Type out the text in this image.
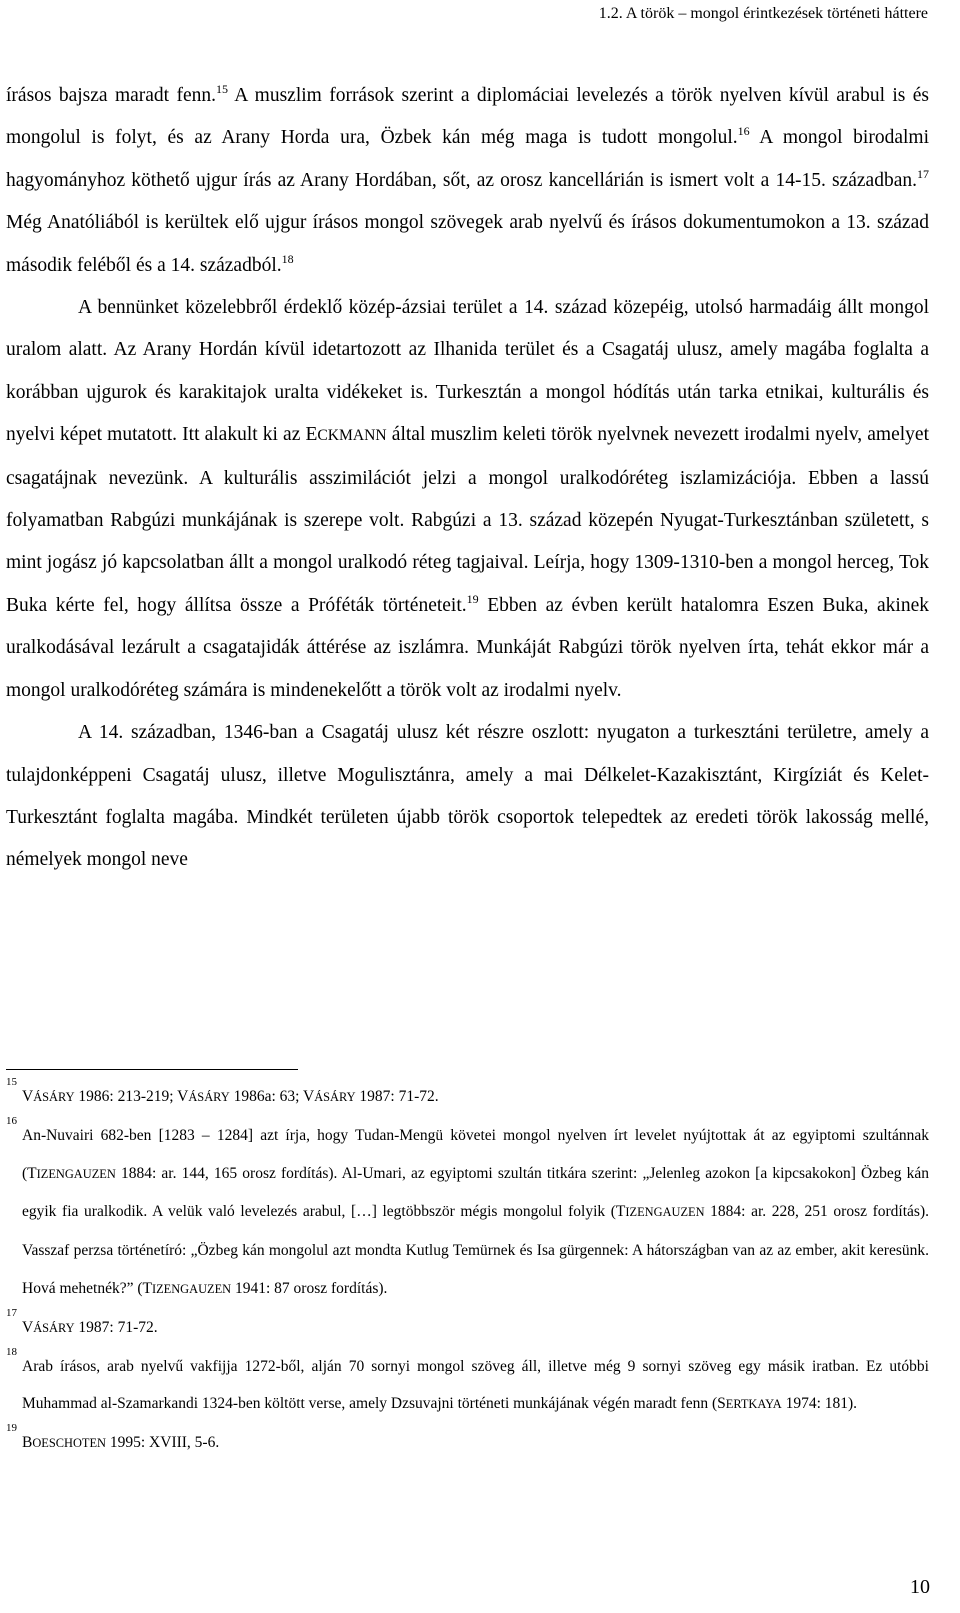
1.2. A török – mongol érintkezések történeti háttere

írásos bajsza maradt fenn.$^{15}$ A muszlim források szerint a diplomáciai levelezés a török nyelven kívül arabul is és mongolul is folyt, és az Arany Horda ura, Özbek kán még maga is tudott mongolul.$^{16}$ A mongol birodalmi hagyományhoz köthető ujgur írás az Arany Hordában, sőt, az orosz kancellárián is ismert volt a 14-15. században.$^{17}$ Még Anatóliából is kerültek elő ujgur írásos mongol szövegek arab nyelvű és írásos dokumentumokon a 13. század második feléből és a 14. századból.$^{18}$

A bennünket közelebbről érdeklő közép-ázsiai terület a 14. század közepéig, utolsó harmadáig állt mongol uralom alatt. Az Arany Hordán kívül idetartozott az Ilhanida terület és a Csagatáj ulusz, amely magába foglalta a korábban ujgurok és karakitajok uralta vidékeket is. Turkesztán a mongol hódítás után tarka etnikai, kulturális és nyelvi képet mutatott. Itt alakult ki az ECKMANN által muszlim keleti török nyelvnek nevezett irodalmi nyelv, amelyet csagatájnak nevezünk. A kulturális asszimilációt jelzi a mongol uralkodóréteg iszlamizációja. Ebben a lassú folyamatban Rabgúzi munkájának is szerepe volt. Rabgúzi a 13. század közepén Nyugat-Turkesztánban született, s mint jogász jó kapcsolatban állt a mongol uralkodó réteg tagjaival. Leírja, hogy 1309-1310-ben a mongol herceg, Tok Buka kérte fel, hogy állítsa össze a Próféták történeteit.$^{19}$ Ebben az évben került hatalomra Eszen Buka, akinek uralkodásával lezárult a csagatajidák áttérése az iszlámra. Munkáját Rabgúzi török nyelven írta, tehát ekkor már a mongol uralkodóréteg számára is mindenekelőtt a török volt az irodalmi nyelv.

A 14. században, 1346-ban a Csagatáj ulusz két részre oszlott: nyugaton a turkesztáni területre, amely a tulajdonképpeni Csagatáj ulusz, illetve Mogulisztánra, amely a mai Délkelet-Kazakisztánt, Kirgíziát és Kelet-Turkesztánt foglalta magába. Mindkét területen újabb török csoportok telepedtek az eredeti török lakosság mellé, némelyek mongol neve

15
VÁSÁRY 1986: 213-219; VÁSÁRY 1986a: 63; VÁSÁRY 1987: 71-72.

16
An-Nuvairi 682-ben [1283 – 1284] azt írja, hogy Tudan-Mengü követei mongol nyelven írt levelet nyújtottak át az egyiptomi szultánnak (TIZENGAUZEN 1884: ar. 144, 165 orosz fordítás). Al-Umari, az egyiptomi szultán titkára szerint: „Jelenleg azokon [a kipcsakokon] Özbeg kán egyik fia uralkodik. A velük való levelezés arabul, […] legtöbbször mégis mongolul folyik (TIZENGAUZEN 1884: ar. 228, 251 orosz fordítás). Vasszaf perzsa történetíró: „Özbeg kán mongolul azt mondta Kutlug Temürnek és Isa gürgennek: A hátországban van az az ember, akit keresünk. Hová mehetnék?” (TIZENGAUZEN 1941: 87 orosz fordítás).

17
VÁSÁRY 1987: 71-72.

18
Arab írásos, arab nyelvű vakfijja 1272-ből, alján 70 sornyi mongol szöveg áll, illetve még 9 sornyi szöveg egy másik iratban. Ez utóbbi Muhammad al-Szamarkandi 1324-ben költött verse, amely Dzsuvajni történeti munkájának végén maradt fenn (SERTKAYA 1974: 181).

19
BOESCHOTEN 1995: XVIII, 5-6.

10
